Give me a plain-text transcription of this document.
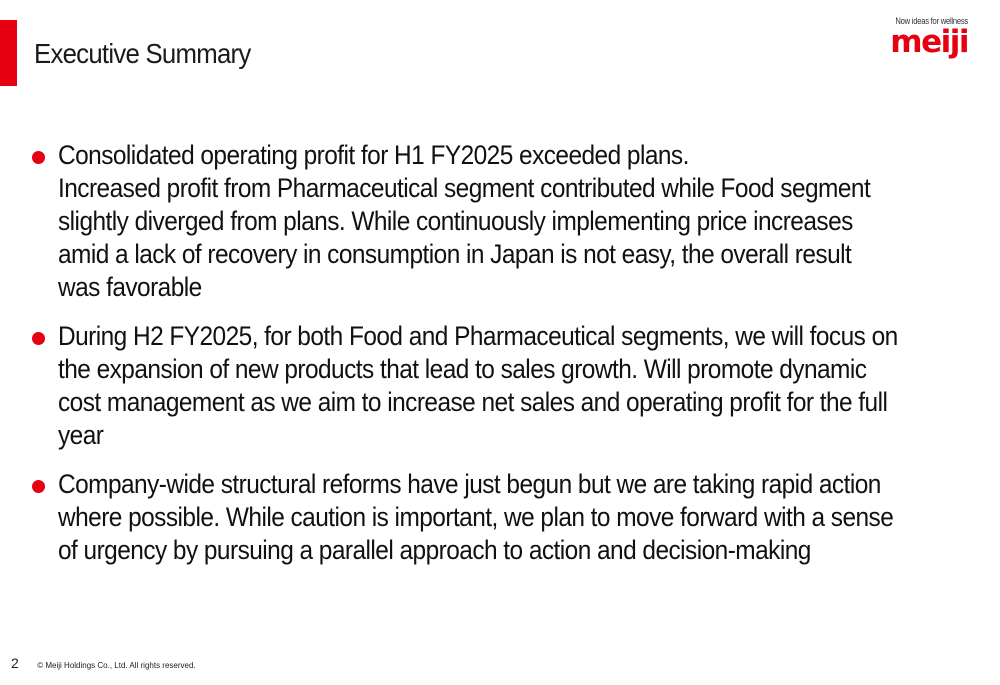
Executive Summary
Now ideas for wellness
meiji
Consolidated operating profit for H1 FY2025 exceeded plans.
Increased profit from Pharmaceutical segment contributed while Food segment
slightly diverged from plans. While continuously implementing price increases
amid a lack of recovery in consumption in Japan is not easy, the overall result
was favorable
During H2 FY2025, for both Food and Pharmaceutical segments, we will focus on
the expansion of new products that lead to sales growth. Will promote dynamic
cost management as we aim to increase net sales and operating profit for the full
year
Company-wide structural reforms have just begun but we are taking rapid action
where possible. While caution is important, we plan to move forward with a sense
of urgency by pursuing a parallel approach to action and decision-making
2 © Meiji Holdings Co., Ltd. All rights reserved.
